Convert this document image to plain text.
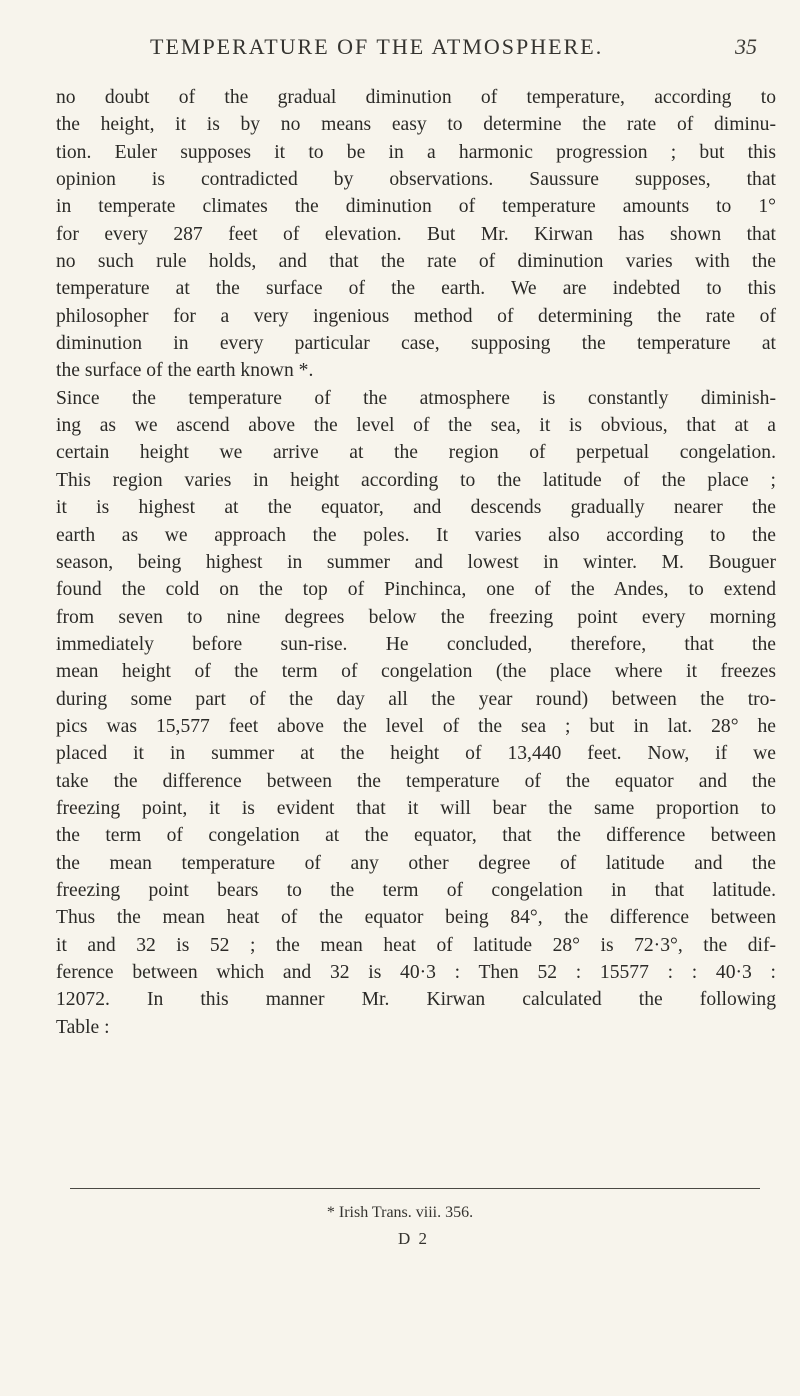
TEMPERATURE OF THE ATMOSPHERE.	35
no doubt of the gradual diminution of temperature, according to
the height, it is by no means easy to determine the rate of diminu-
tion. Euler supposes it to be in a harmonic progression ; but this
opinion is contradicted by observations. Saussure supposes, that
in temperate climates the diminution of temperature amounts to 1°
for every 287 feet of elevation. But Mr. Kirwan has shown that
no such rule holds, and that the rate of diminution varies with the
temperature at the surface of the earth. We are indebted to this
philosopher for a very ingenious method of determining the rate of
diminution in every particular case, supposing the temperature at
the surface of the earth known *.
Since the temperature of the atmosphere is constantly diminish-
ing as we ascend above the level of the sea, it is obvious, that at a
certain height we arrive at the region of perpetual congelation.
This region varies in height according to the latitude of the place ;
it is highest at the equator, and descends gradually nearer the
earth as we approach the poles. It varies also according to the
season, being highest in summer and lowest in winter. M. Bouguer
found the cold on the top of Pinchinca, one of the Andes, to extend
from seven to nine degrees below the freezing point every morning
immediately before sun-rise. He concluded, therefore, that the
mean height of the term of congelation (the place where it freezes
during some part of the day all the year round) between the tro-
pics was 15,577 feet above the level of the sea ; but in lat. 28° he
placed it in summer at the height of 13,440 feet. Now, if we
take the difference between the temperature of the equator and the
freezing point, it is evident that it will bear the same proportion to
the term of congelation at the equator, that the difference between
the mean temperature of any other degree of latitude and the
freezing point bears to the term of congelation in that latitude.
Thus the mean heat of the equator being 84°, the difference between
it and 32 is 52 ; the mean heat of latitude 28° is 72·3°, the dif-
ference between which and 32 is 40·3 : Then 52 : 15577 : : 40·3 :
12072. In this manner Mr. Kirwan calculated the following
Table :
* Irish Trans. viii. 356.
D 2
